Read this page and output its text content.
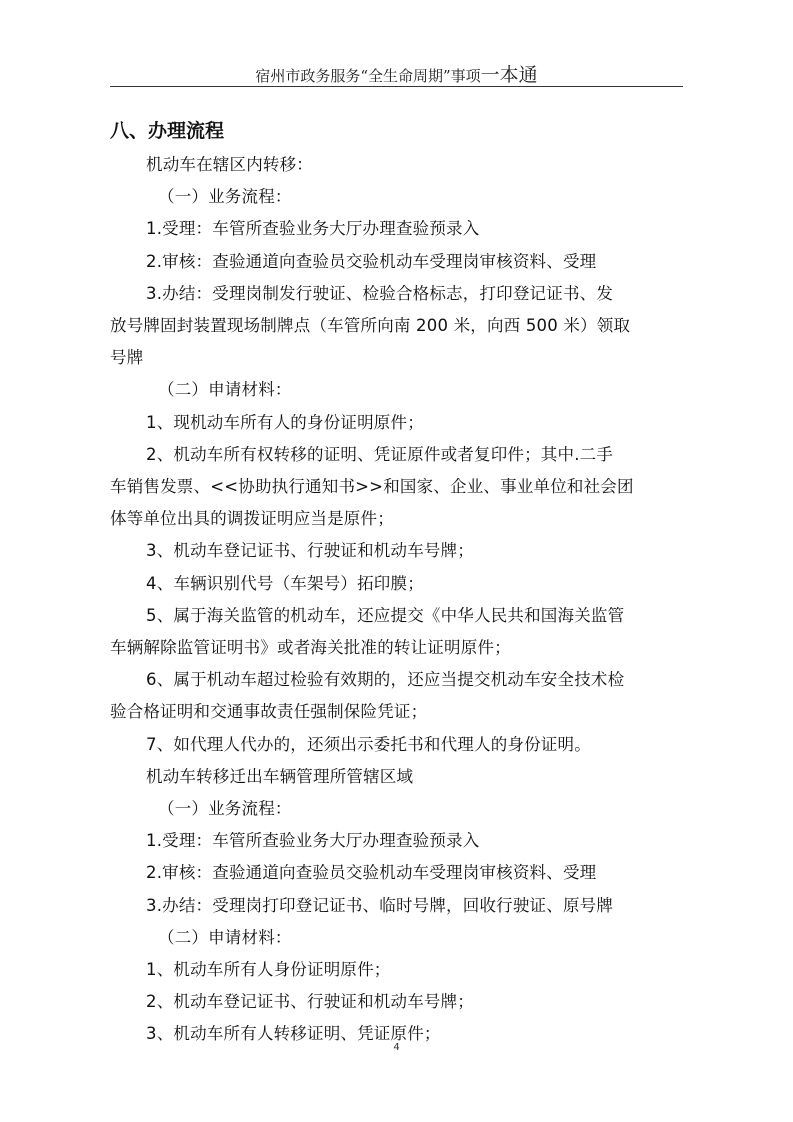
宿州市政务服务“全生命周期”事项一本通
八、办理流程
机动车在辖区内转移：
（一）业务流程：
1.受理：车管所查验业务大厅办理查验预录入
2.审核：查验通道向查验员交验机动车受理岗审核资料、受理
3.办结：受理岗制发行驶证、检验合格标志，打印登记证书、发
放号牌固封装置现场制牌点（车管所向南 200 米，向西 500 米）领取
号牌
（二）申请材料：
1、现机动车所有人的身份证明原件；
2、机动车所有权转移的证明、凭证原件或者复印件；其中.二手
车销售发票、<<协助执行通知书>>和国家、企业、事业单位和社会团
体等单位出具的调拨证明应当是原件；
3、机动车登记证书、行驶证和机动车号牌；
4、车辆识别代号（车架号）拓印膜；
5、属于海关监管的机动车，还应提交《中华人民共和国海关监管
车辆解除监管证明书》或者海关批准的转让证明原件；
6、属于机动车超过检验有效期的，还应当提交机动车安全技术检
验合格证明和交通事故责任强制保险凭证；
7、如代理人代办的，还须出示委托书和代理人的身份证明。
机动车转移迁出车辆管理所管辖区域
（一）业务流程：
1.受理：车管所查验业务大厅办理查验预录入
2.审核：查验通道向查验员交验机动车受理岗审核资料、受理
3.办结：受理岗打印登记证书、临时号牌，回收行驶证、原号牌
（二）申请材料：
1、机动车所有人身份证明原件；
2、机动车登记证书、行驶证和机动车号牌；
3、机动车所有人转移证明、凭证原件；
4
